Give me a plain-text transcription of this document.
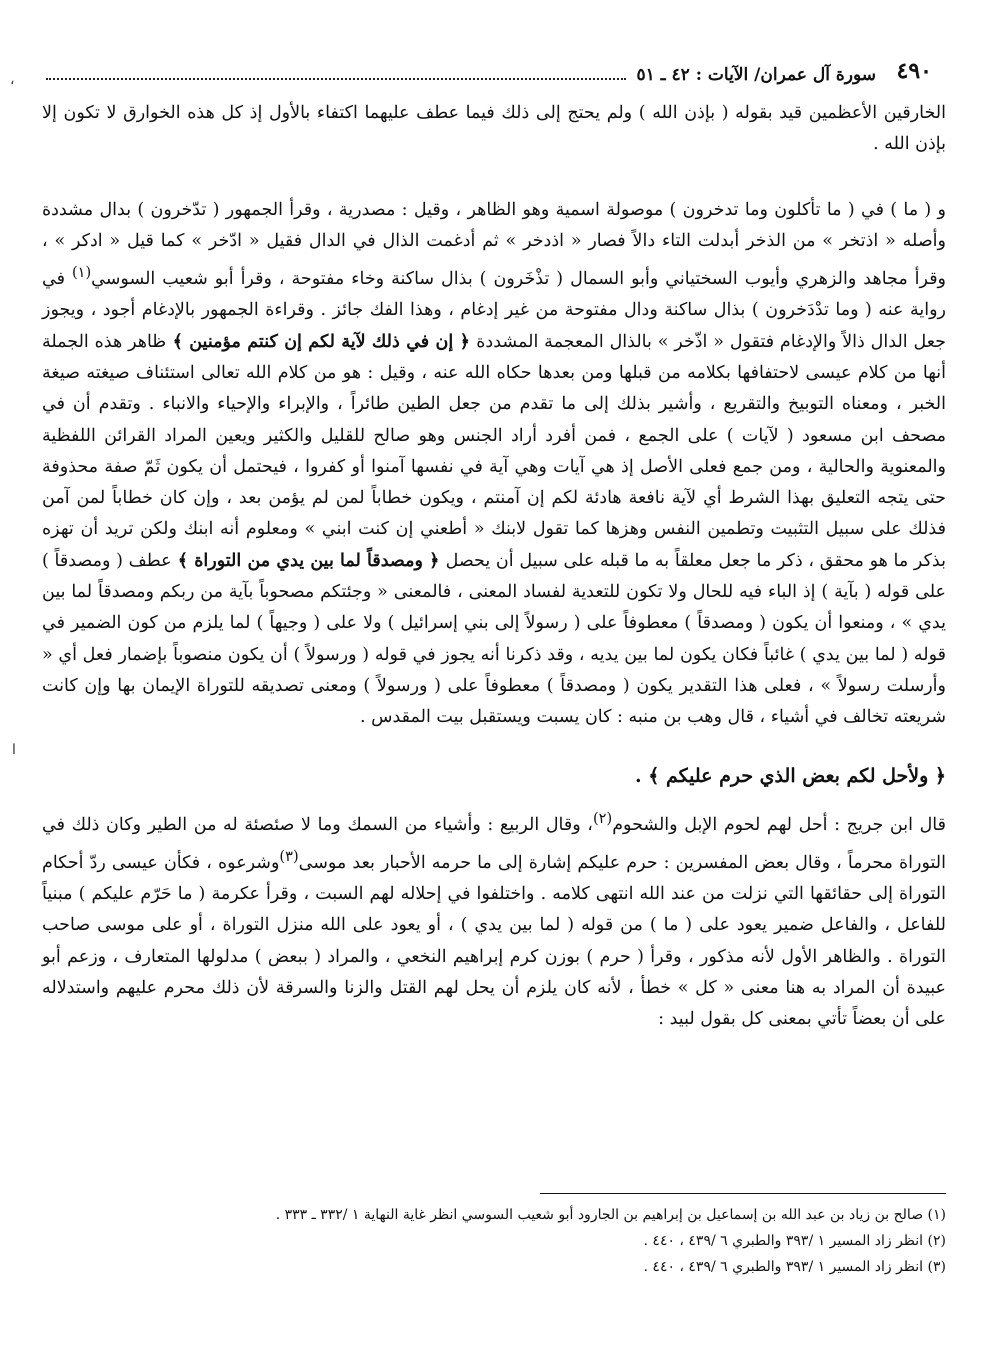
٤٩٠
سورة آل عمران/ الآيات : ٤٢ ـ ٥١
،
ا

الخارقين الأعظمين قيد بقوله ( بإذن الله ) ولم يحتج إلى ذلك فيما عطف عليهما اكتفاء بالأول إذ كل هذه الخوارق لا تكون إلا بإذن الله .

و ( ما ) في ( ما تأكلون وما تدخرون ) موصولة اسمية وهو الظاهر ، وقيل : مصدرية ، وقرأ الجمهور ( تدّخرون ) بدال مشددة وأصله « اذتخر » من الذخر أبدلت التاء دالاً فصار « اذدخر » ثم أدغمت الذال في الدال فقيل « ادّخر » كما قيل « ادكر » ، وقرأ مجاهد والزهري وأيوب السختياني وأبو السمال ( تذْخَرون ) بذال ساكنة وخاء مفتوحة ، وقرأ أبو شعيب السوسي$^{(١)}$ في رواية عنه ( وما تدْدَخرون ) بذال ساكنة ودال مفتوحة من غير إدغام ، وهذا الفك جائز . وقراءة الجمهور بالإدغام أجود ، ويجوز جعل الدال ذالاً والإدغام فتقول « اذّخر » بالذال المعجمة المشددة ﴿ إن في ذلك لآية لكم إن كنتم مؤمنين ﴾ ظاهر هذه الجملة أنها من كلام عيسى لاحتفافها بكلامه من قبلها ومن بعدها حكاه الله عنه ، وقيل : هو من كلام الله تعالى استئناف صيغته صيغة الخبر ، ومعناه التوبيخ والتقريع ، وأشير بذلك إلى ما تقدم من جعل الطين طائراً ، والإبراء والإحياء والانباء . وتقدم أن في مصحف ابن مسعود ( لآيات ) على الجمع ، فمن أفرد أراد الجنس وهو صالح للقليل والكثير ويعين المراد القرائن اللفظية والمعنوية والحالية ، ومن جمع فعلى الأصل إذ هي آيات وهي آية في نفسها آمنوا أو كفروا ، فيحتمل أن يكون ثَمّ صفة محذوفة حتى يتجه التعليق بهذا الشرط أي لآية نافعة هادئة لكم إن آمنتم ، ويكون خطاباً لمن لم يؤمن بعد ، وإن كان خطاباً لمن آمن فذلك على سبيل التثبيت وتطمين النفس وهزها كما تقول لابنك « أطعني إن كنت ابني » ومعلوم أنه ابنك ولكن تريد أن تهزه بذكر ما هو محقق ، ذكر ما جعل معلقاً به ما قبله على سبيل أن يحصل ﴿ ومصدقاً لما بين يدي من التوراة ﴾ عطف ( ومصدقاً ) على قوله ( بآية ) إذ الباء فيه للحال ولا تكون للتعدية لفساد المعنى ، فالمعنى « وجئتكم مصحوباً بآية من ربكم ومصدقاً لما بين يدي » ، ومنعوا أن يكون ( ومصدقاً ) معطوفاً على ( رسولاً إلى بني إسرائيل ) ولا على ( وجيهاً ) لما يلزم من كون الضمير في قوله ( لما بين يدي ) غائباً فكان يكون لما بين يديه ، وقد ذكرنا أنه يجوز في قوله ( ورسولاً ) أن يكون منصوباً بإضمار فعل أي « وأرسلت رسولاً » ، فعلى هذا التقدير يكون ( ومصدقاً ) معطوفاً على ( ورسولاً ) ومعنى تصديقه للتوراة الإيمان بها وإن كانت شريعته تخالف في أشياء ، قال وهب بن منبه : كان يسبت ويستقبل بيت المقدس .

﴿ ولأحل لكم بعض الذي حرم عليكم ﴾ .

قال ابن جريج : أحل لهم لحوم الإبل والشحوم$^{(٢)}$، وقال الربيع : وأشياء من السمك وما لا صئصئة له من الطير وكان ذلك في التوراة محرماً ، وقال بعض المفسرين : حرم عليكم إشارة إلى ما حرمه الأحبار بعد موسى$^{(٣)}$وشرعوه ، فكأن عيسى ردّ أحكام التوراة إلى حقائقها التي نزلت من عند الله انتهى كلامه . واختلفوا في إحلاله لهم السبت ، وقرأ عكرمة ( ما حَرّم عليكم ) مبنياً للفاعل ، والفاعل ضمير يعود على ( ما ) من قوله ( لما بين يدي ) ، أو يعود على الله منزل التوراة ، أو على موسى صاحب التوراة . والظاهر الأول لأنه مذكور ، وقرأ ( حرم ) بوزن كرم إبراهيم النخعي ، والمراد ( ببعض ) مدلولها المتعارف ، وزعم أبو عبيدة أن المراد به هنا معنى « كل » خطأ ، لأنه كان يلزم أن يحل لهم القتل والزنا والسرقة لأن ذلك محرم عليهم واستدلاله على أن بعضاً تأتي بمعنى كل بقول لبيد :

(١) صالح بن زياد بن عبد الله بن إسماعيل بن إبراهيم بن الجارود أبو شعيب السوسي انظر غاية النهاية ١ /٣٣٢ ـ ٣٣٣ .

(٢) انظر زاد المسير ١ /٣٩٣ والطبري ٦ /٤٣٩ ، ٤٤٠ .

(٣) انظر زاد المسير ١ /٣٩٣ والطبري ٦ /٤٣٩ ، ٤٤٠ .
